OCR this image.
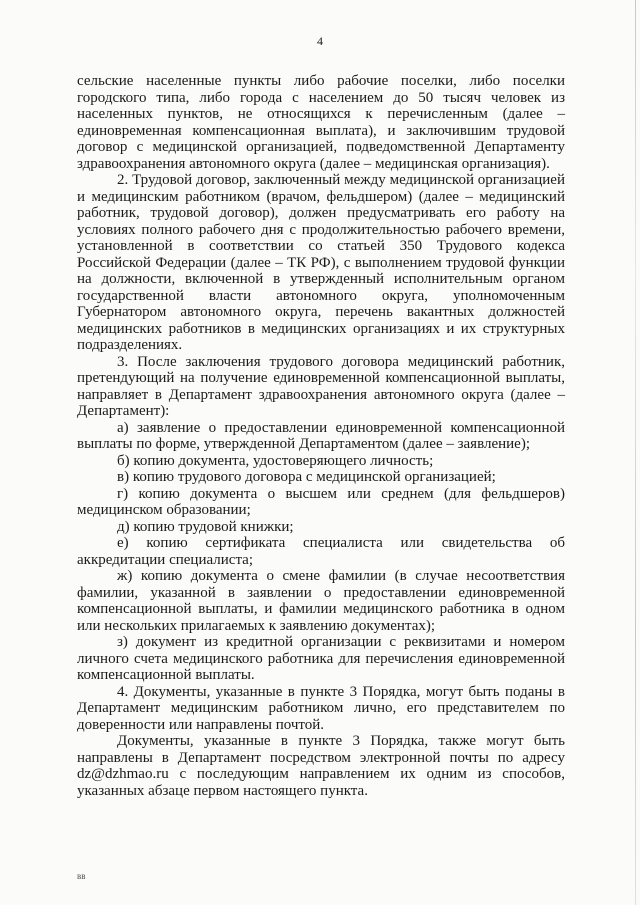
4

сельские населенные пункты либо рабочие поселки, либо поселки городского типа, либо города с населением до 50 тысяч человек из населенных пунктов, не относящихся к перечисленным (далее – единовременная компенсационная выплата), и заключившим трудовой договор с медицинской организацией, подведомственной Департаменту здравоохранения автономного округа (далее – медицинская организация).

2. Трудовой договор, заключенный между медицинской организацией и медицинским работником (врачом, фельдшером) (далее – медицинский работник, трудовой договор), должен предусматривать его работу на условиях полного рабочего дня с продолжительностью рабочего времени, установленной в соответствии со статьей 350 Трудового кодекса Российской Федерации (далее – ТК РФ), с выполнением трудовой функции на должности, включенной в утвержденный исполнительным органом государственной власти автономного округа, уполномоченным Губернатором автономного округа, перечень вакантных должностей медицинских работников в медицинских организациях и их структурных подразделениях.

3. После заключения трудового договора медицинский работник, претендующий на получение единовременной компенсационной выплаты, направляет в Департамент здравоохранения автономного округа (далее – Департамент):

а) заявление о предоставлении единовременной компенсационной выплаты по форме, утвержденной Департаментом (далее – заявление);

б) копию документа, удостоверяющего личность;

в) копию трудового договора с медицинской организацией;

г) копию документа о высшем или среднем (для фельдшеров) медицинском образовании;

д) копию трудовой книжки;

е) копию сертификата специалиста или свидетельства об аккредитации специалиста;

ж) копию документа о смене фамилии (в случае несоответствия фамилии, указанной в заявлении о предоставлении единовременной компенсационной выплаты, и фамилии медицинского работника в одном или нескольких прилагаемых к заявлению документах);

з) документ из кредитной организации с реквизитами и номером личного счета медицинского работника для перечисления единовременной компенсационной выплаты.

4. Документы, указанные в пункте 3 Порядка, могут быть поданы в Департамент медицинским работником лично, его представителем по доверенности или направлены почтой.

Документы, указанные в пункте 3 Порядка, также могут быть направлены в Департамент посредством электронной почты по адресу dz@dzhmao.ru с последующим направлением их одним из способов, указанных абзаце первом настоящего пункта.

вв
